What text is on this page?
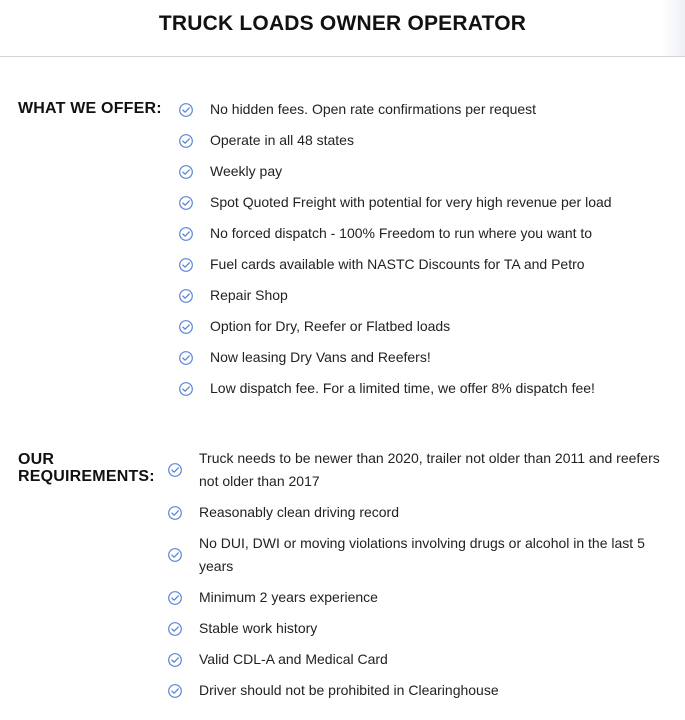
TRUCK LOADS OWNER OPERATOR
WHAT WE OFFER:	No hidden fees. Open rate confirmations per request
Operate in all 48 states
Weekly pay
Spot Quoted Freight with potential for very high revenue per load
No forced dispatch - 100% Freedom to run where you want to
Fuel cards available with NASTC Discounts for TA and Petro
Repair Shop
Option for Dry, Reefer or Flatbed loads
Now leasing Dry Vans and Reefers!
Low dispatch fee. For a limited time, we offer 8% dispatch fee!
OUR
REQUIREMENTS:
Truck needs to be newer than 2020, trailer not older than 2011 and reefers not older than 2017
Reasonably clean driving record
No DUI, DWI or moving violations involving drugs or alcohol in the last 5 years
Minimum 2 years experience
Stable work history
Valid CDL-A and Medical Card
Driver should not be prohibited in Clearinghouse
